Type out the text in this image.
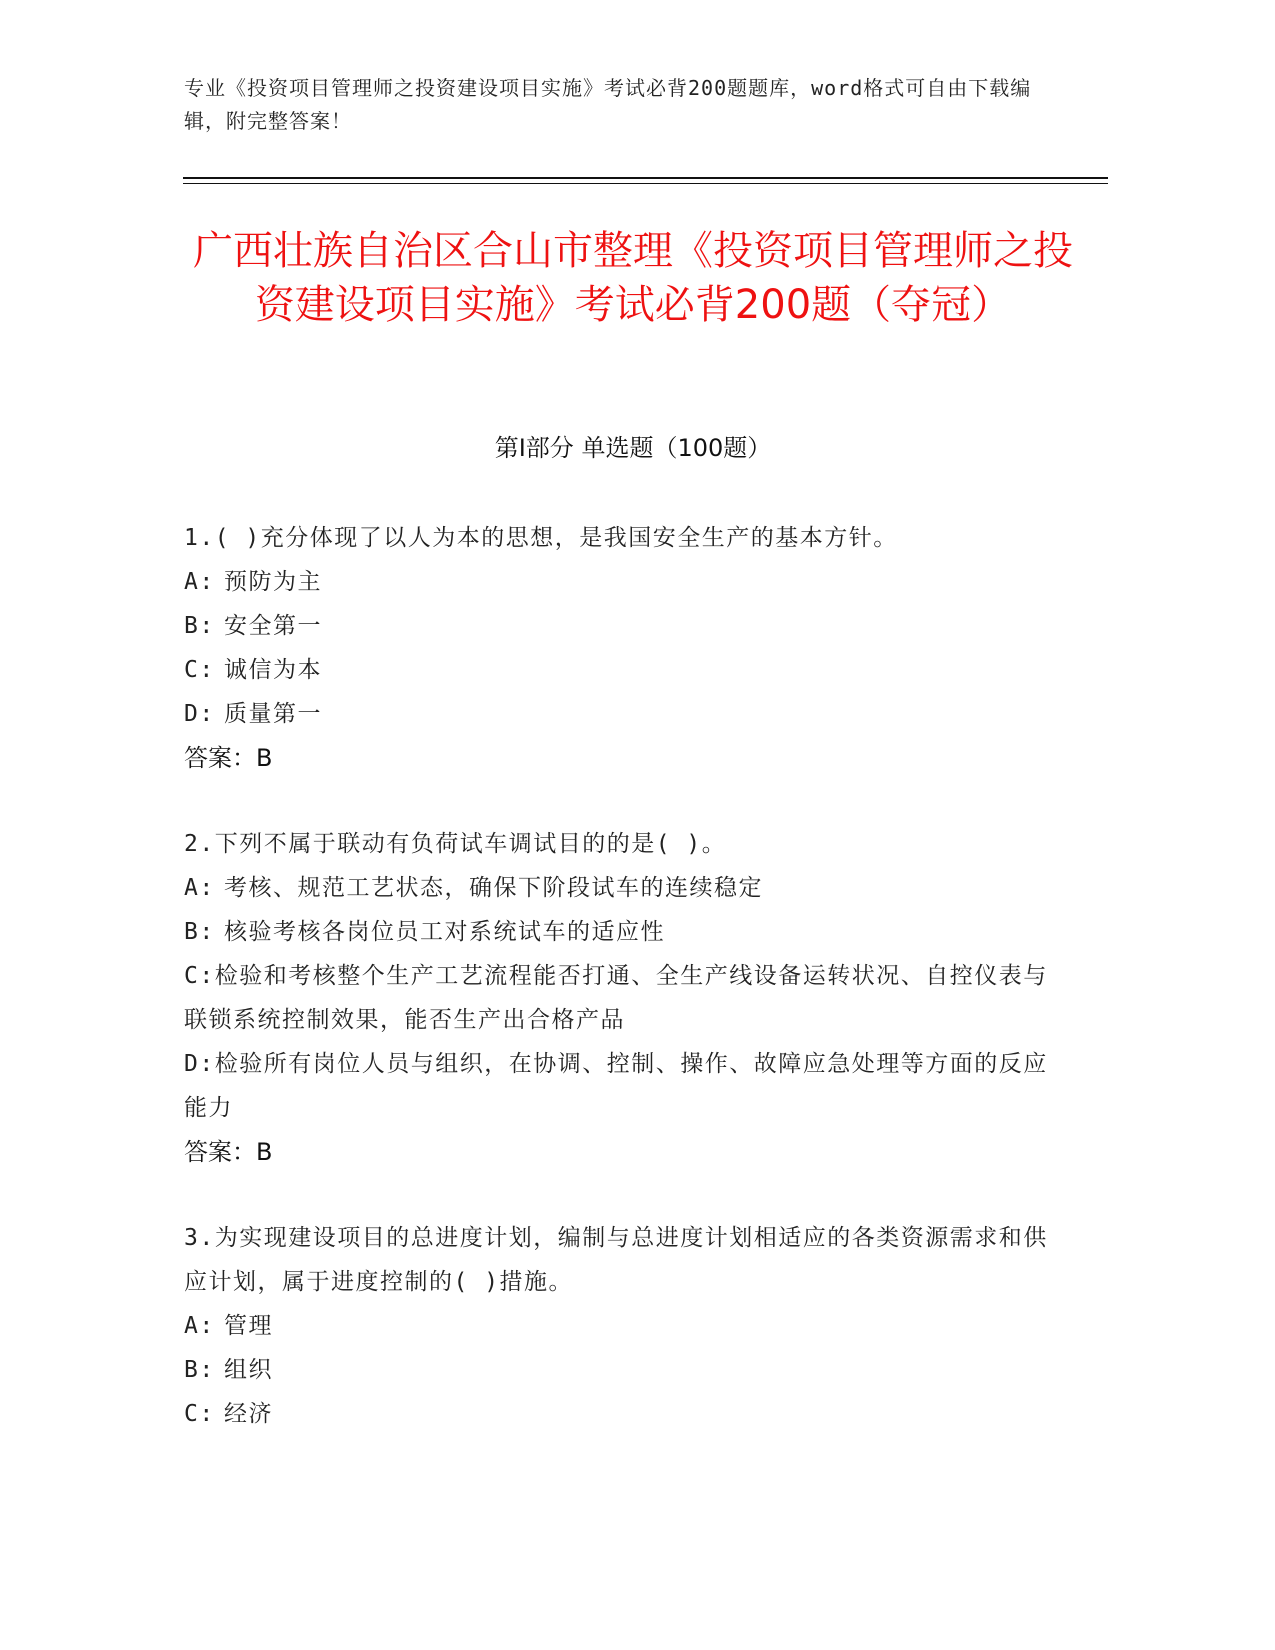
专业《投资项目管理师之投资建设项目实施》考试必背200题题库，word格式可自由下载编辑，附完整答案！
广西壮族自治区合山市整理《投资项目管理师之投资建设项目实施》考试必背200题（夺冠）
第Ⅰ部分 单选题（100题）
1.( )充分体现了以人为本的思想，是我国安全生产的基本方针。
A: 预防为主
B: 安全第一
C: 诚信为本
D: 质量第一
答案：B
2.下列不属于联动有负荷试车调试目的的是( )。
A: 考核、规范工艺状态，确保下阶段试车的连续稳定
B: 核验考核各岗位员工对系统试车的适应性
C:检验和考核整个生产工艺流程能否打通、全生产线设备运转状况、自控仪表与联锁系统控制效果，能否生产出合格产品
D:检验所有岗位人员与组织，在协调、控制、操作、故障应急处理等方面的反应能力
答案：B
3.为实现建设项目的总进度计划，编制与总进度计划相适应的各类资源需求和供应计划，属于进度控制的( )措施。
A: 管理
B: 组织
C: 经济
